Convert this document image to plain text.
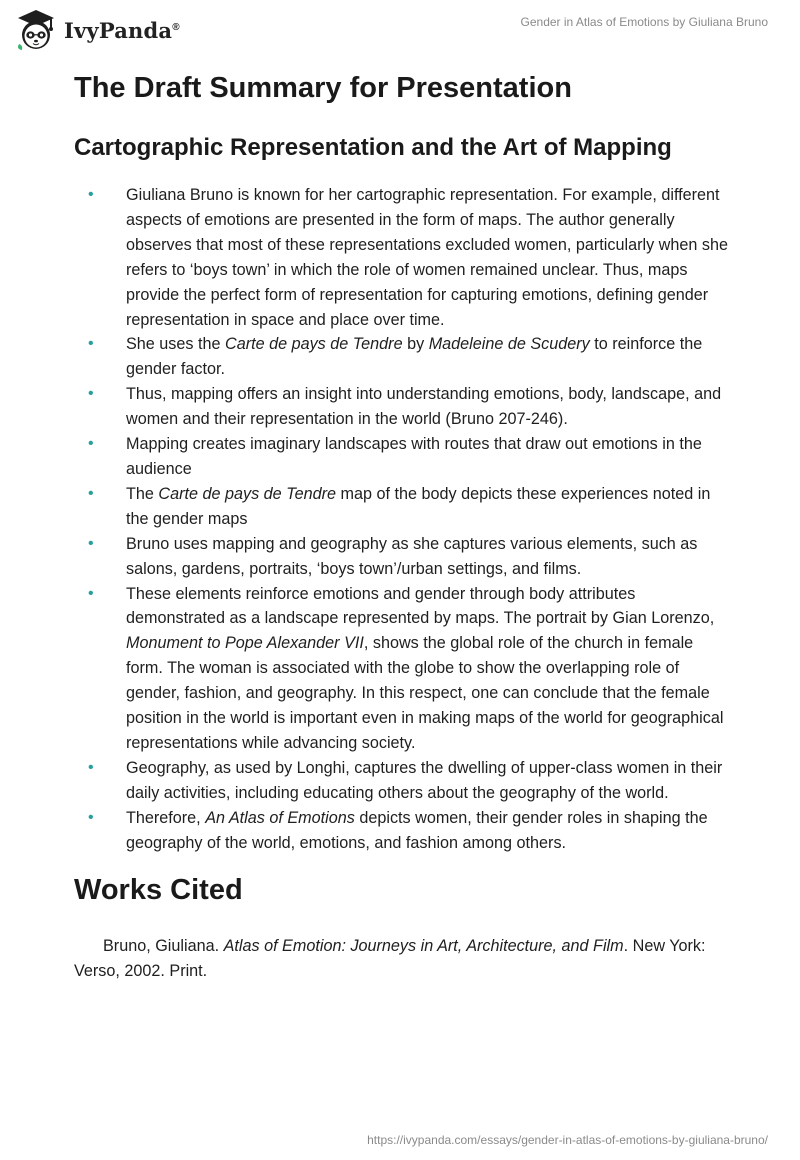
IvyPanda®	Gender in Atlas of Emotions by Giuliana Bruno
The Draft Summary for Presentation
Cartographic Representation and the Art of Mapping
• Giuliana Bruno is known for her cartographic representation. For example, different aspects of emotions are presented in the form of maps. The author generally observes that most of these representations excluded women, particularly when she refers to ‘boys town’ in which the role of women remained unclear. Thus, maps provide the perfect form of representation for capturing emotions, defining gender representation in space and place over time.
• She uses the Carte de pays de Tendre by Madeleine de Scudery to reinforce the gender factor.
• Thus, mapping offers an insight into understanding emotions, body, landscape, and women and their representation in the world (Bruno 207-246).
• Mapping creates imaginary landscapes with routes that draw out emotions in the audience
• The Carte de pays de Tendre map of the body depicts these experiences noted in the gender maps
• Bruno uses mapping and geography as she captures various elements, such as salons, gardens, portraits, ‘boys town’/urban settings, and films.
• These elements reinforce emotions and gender through body attributes demonstrated as a landscape represented by maps. The portrait by Gian Lorenzo, Monument to Pope Alexander VII, shows the global role of the church in female form. The woman is associated with the globe to show the overlapping role of gender, fashion, and geography. In this respect, one can conclude that the female position in the world is important even in making maps of the world for geographical representations while advancing society.
• Geography, as used by Longhi, captures the dwelling of upper-class women in their daily activities, including educating others about the geography of the world.
• Therefore, An Atlas of Emotions depicts women, their gender roles in shaping the geography of the world, emotions, and fashion among others.
Works Cited
Bruno, Giuliana. Atlas of Emotion: Journeys in Art, Architecture, and Film. New York: Verso, 2002. Print.
https://ivypanda.com/essays/gender-in-atlas-of-emotions-by-giuliana-bruno/
